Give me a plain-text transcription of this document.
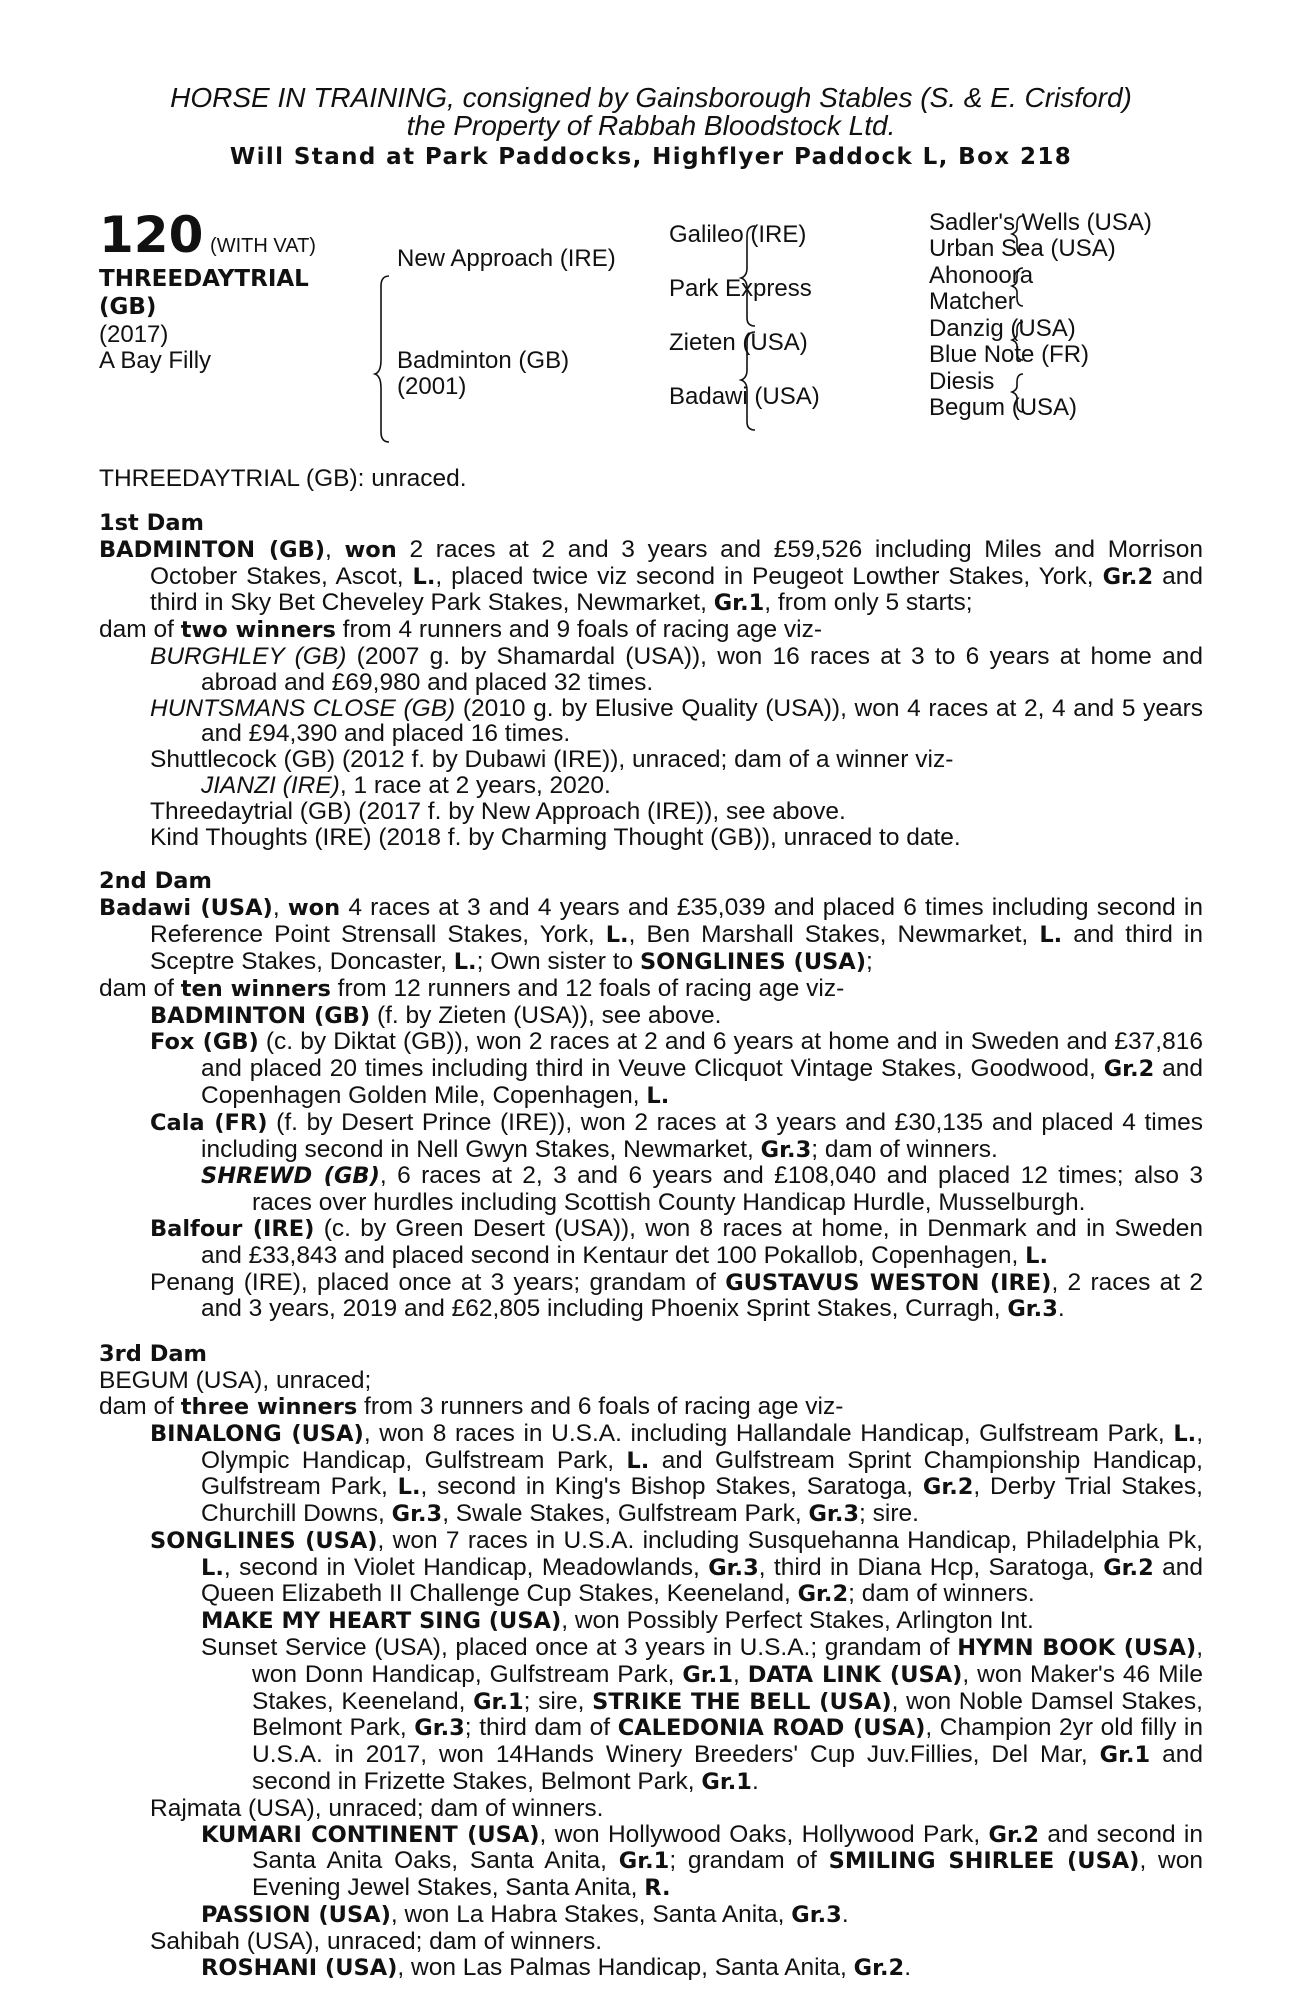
HORSE IN TRAINING, consigned by Gainsborough Stables (S. & E. Crisford)
the Property of Rabbah Bloodstock Ltd.
Will Stand at Park Paddocks, Highflyer Paddock L, Box 218
120 (WITH VAT)
THREEDAYTRIAL
(GB)
(2017)
A Bay Filly
New Approach (IRE)
Badminton (GB)
(2001)
Galileo (IRE)
Park Express
Zieten (USA)
Badawi (USA)
Sadler's Wells (USA)
Urban Sea (USA)
Ahonoora
Matcher
Danzig (USA)
Blue Note (FR)
Diesis
Begum (USA)
THREEDAYTRIAL (GB): unraced.
1st Dam
BADMINTON (GB), won 2 races at 2 and 3 years and £59,526 including Miles and Morrison October Stakes, Ascot, L., placed twice viz second in Peugeot Lowther Stakes, York, Gr.2 and third in Sky Bet Cheveley Park Stakes, Newmarket, Gr.1, from only 5 starts;
dam of two winners from 4 runners and 9 foals of racing age viz-
BURGHLEY (GB) (2007 g. by Shamardal (USA)), won 16 races at 3 to 6 years at home and abroad and £69,980 and placed 32 times.
HUNTSMANS CLOSE (GB) (2010 g. by Elusive Quality (USA)), won 4 races at 2, 4 and 5 years and £94,390 and placed 16 times.
Shuttlecock (GB) (2012 f. by Dubawi (IRE)), unraced; dam of a winner viz-
JIANZI (IRE), 1 race at 2 years, 2020.
Threedaytrial (GB) (2017 f. by New Approach (IRE)), see above.
Kind Thoughts (IRE) (2018 f. by Charming Thought (GB)), unraced to date.
2nd Dam
Badawi (USA), won 4 races at 3 and 4 years and £35,039 and placed 6 times including second in Reference Point Strensall Stakes, York, L., Ben Marshall Stakes, Newmarket, L. and third in Sceptre Stakes, Doncaster, L.; Own sister to SONGLINES (USA);
dam of ten winners from 12 runners and 12 foals of racing age viz-
BADMINTON (GB) (f. by Zieten (USA)), see above.
Fox (GB) (c. by Diktat (GB)), won 2 races at 2 and 6 years at home and in Sweden and £37,816 and placed 20 times including third in Veuve Clicquot Vintage Stakes, Goodwood, Gr.2 and Copenhagen Golden Mile, Copenhagen, L.
Cala (FR) (f. by Desert Prince (IRE)), won 2 races at 3 years and £30,135 and placed 4 times including second in Nell Gwyn Stakes, Newmarket, Gr.3; dam of winners.
SHREWD (GB), 6 races at 2, 3 and 6 years and £108,040 and placed 12 times; also 3 races over hurdles including Scottish County Handicap Hurdle, Musselburgh.
Balfour (IRE) (c. by Green Desert (USA)), won 8 races at home, in Denmark and in Sweden and £33,843 and placed second in Kentaur det 100 Pokallob, Copenhagen, L.
Penang (IRE), placed once at 3 years; grandam of GUSTAVUS WESTON (IRE), 2 races at 2 and 3 years, 2019 and £62,805 including Phoenix Sprint Stakes, Curragh, Gr.3.
3rd Dam
BEGUM (USA), unraced;
dam of three winners from 3 runners and 6 foals of racing age viz-
BINALONG (USA), won 8 races in U.S.A. including Hallandale Handicap, Gulfstream Park, L., Olympic Handicap, Gulfstream Park, L. and Gulfstream Sprint Championship Handicap, Gulfstream Park, L., second in King's Bishop Stakes, Saratoga, Gr.2, Derby Trial Stakes, Churchill Downs, Gr.3, Swale Stakes, Gulfstream Park, Gr.3; sire.
SONGLINES (USA), won 7 races in U.S.A. including Susquehanna Handicap, Philadelphia Pk, L., second in Violet Handicap, Meadowlands, Gr.3, third in Diana Hcp, Saratoga, Gr.2 and Queen Elizabeth II Challenge Cup Stakes, Keeneland, Gr.2; dam of winners.
MAKE MY HEART SING (USA), won Possibly Perfect Stakes, Arlington Int.
Sunset Service (USA), placed once at 3 years in U.S.A.; grandam of HYMN BOOK (USA), won Donn Handicap, Gulfstream Park, Gr.1, DATA LINK (USA), won Maker's 46 Mile Stakes, Keeneland, Gr.1; sire, STRIKE THE BELL (USA), won Noble Damsel Stakes, Belmont Park, Gr.3; third dam of CALEDONIA ROAD (USA), Champion 2yr old filly in U.S.A. in 2017, won 14Hands Winery Breeders' Cup Juv.Fillies, Del Mar, Gr.1 and second in Frizette Stakes, Belmont Park, Gr.1.
Rajmata (USA), unraced; dam of winners.
KUMARI CONTINENT (USA), won Hollywood Oaks, Hollywood Park, Gr.2 and second in Santa Anita Oaks, Santa Anita, Gr.1; grandam of SMILING SHIRLEE (USA), won Evening Jewel Stakes, Santa Anita, R.
PASSION (USA), won La Habra Stakes, Santa Anita, Gr.3.
Sahibah (USA), unraced; dam of winners.
ROSHANI (USA), won Las Palmas Handicap, Santa Anita, Gr.2.
